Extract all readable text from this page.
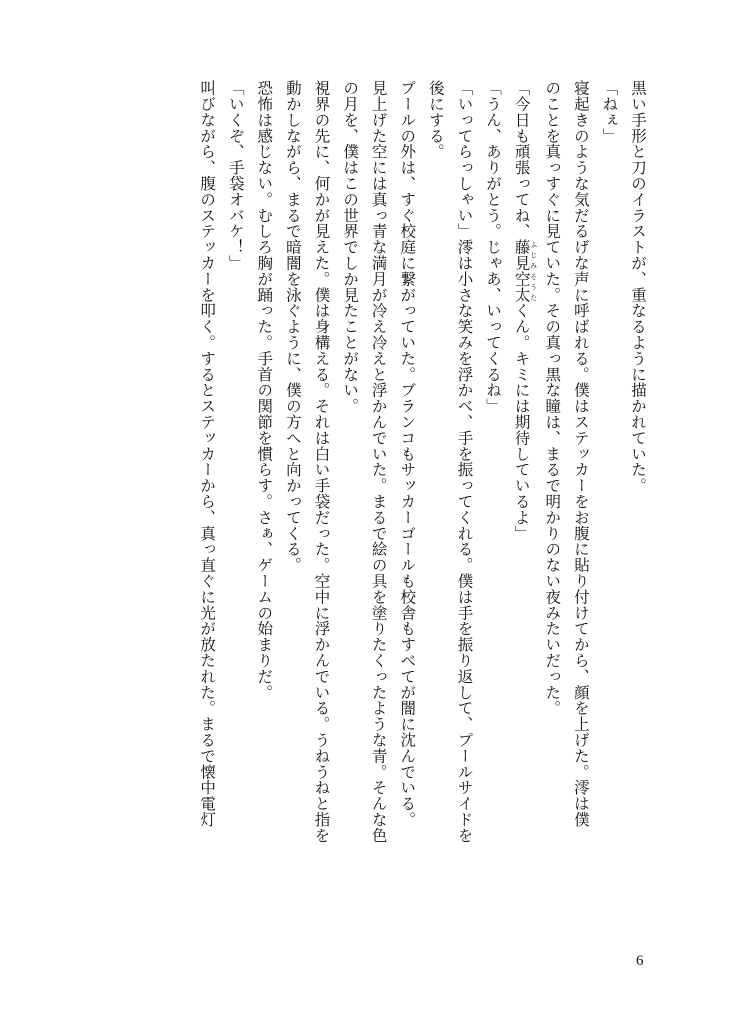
黒い手形と刀のイラストが、重なるように描かれていた。
「ねぇ」
寝起きのような気だるげな声に呼ばれる。僕はステッカーをお腹に貼り付けてから、顔を上げた。澪は僕
のことを真っすぐに見ていた。その真っ黒な瞳は、まるで明かりのない夜みたいだった。
「今日も頑張ってね、藤見空太 ふじみそうたくん。キミには期待しているよ」
「うん、ありがとう。じゃあ、いってくるね」
「いってらっしゃい」澪は小さな笑みを浮かべ、手を振ってくれる。僕は手を振り返して、プールサイドを
後にする。
プールの外は、すぐ校庭に繋がっていた。ブランコもサッカーゴールも校舎もすべてが闇に沈んでいる。
見上げた空には真っ青な満月が冷え冷えと浮かんでいた。まるで絵の具を塗りたくったような青。そんな色
の月を、僕はこの世界でしか見たことがない。
視界の先に、何かが見えた。僕は身構える。それは白い手袋だった。空中に浮かんでいる。うねうねと指を
動かしながら、まるで暗闇を泳ぐように、僕の方へと向かってくる。
恐怖は感じない。むしろ胸が踊った。手首の関節を慣らす。さぁ、ゲームの始まりだ。
「いくぞ、手袋オバケ！」
叫びながら、腹のステッカーを叩く。するとステッカーから、真っ直ぐに光が放たれた。まるで懐中電灯
6
